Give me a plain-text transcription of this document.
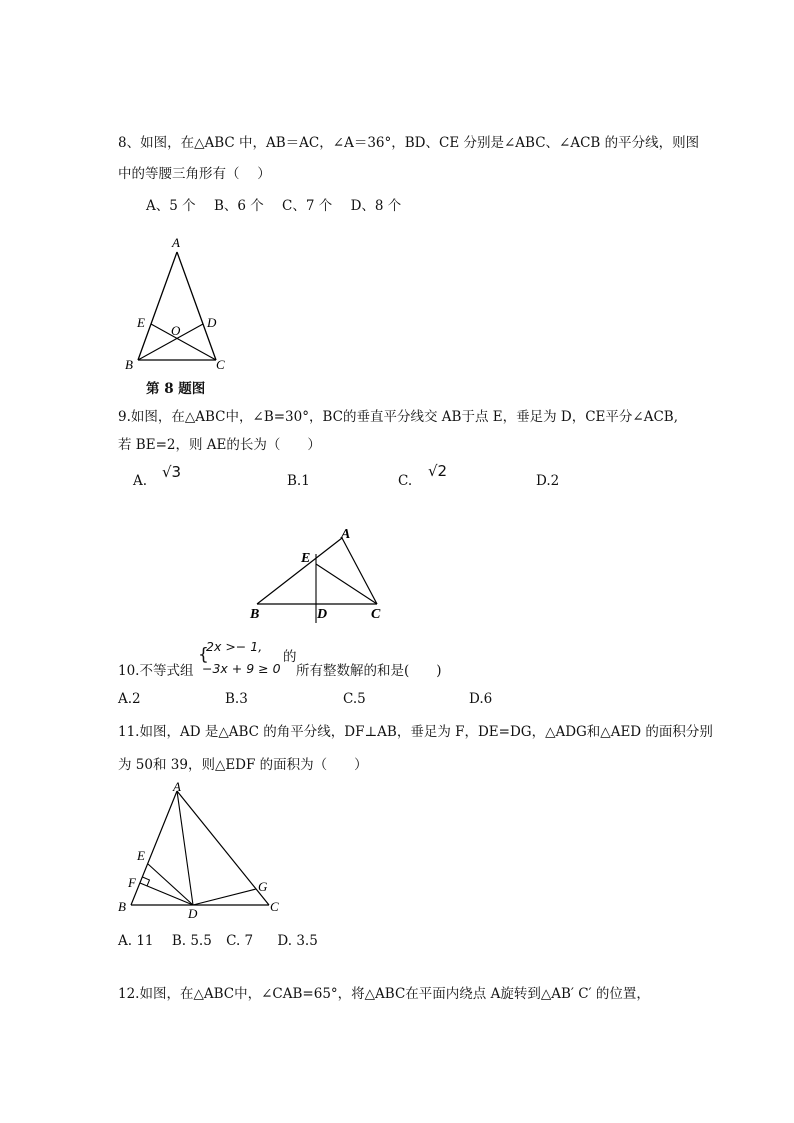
8、如图，在△ABC 中，AB＝AC，∠A＝36°，BD、CE 分别是∠ABC、∠ACB 的平分线，则图
中的等腰三角形有（　 ）
A、5 个 B、6 个 C、7 个 D、8 个
A
B	C
D
E
O
第 8 题图
9.如图，在△ABC中，∠B=30°，BC的垂直平分线交 AB于点 E，垂足为 D，CE平分∠ACB,
若 BE=2，则 AE的长为（　　）
A. √3	B.1	C.
√2
D.2
A
B	C
D
E
10.不等式组
{
2x >− 1,
−3x + 9 ≥ 0
的
所有整数解的和是(　　)
A.2	B.3	C.5	D.6
11.如图，AD 是△ABC 的角平分线，DF⊥AB，垂足为 F，DE=DG，△ADG和△AED 的面积分别
为 50和 39，则△EDF 的面积为（　　）
A
B	C
D
E
F	G
A. 11 B. 5.5 C. 7 D. 3.5
12.如图，在△ABC中，∠CAB=65°，将△ABC在平面内绕点 A旋转到△AB′ C′ 的位置，
